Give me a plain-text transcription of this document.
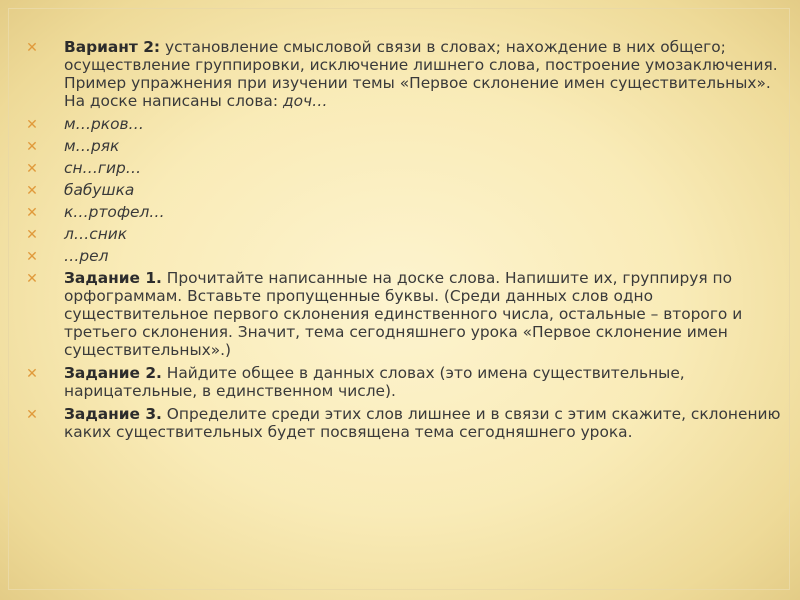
✕ Вариант 2: установление смысловой связи в словах; нахождение в них общего; осуществление группировки, исключение лишнего слова, построение умозаключения. Пример упражнения при изучении темы «Первое склонение имен существительных». На доске написаны слова: доч…
✕ м…рков…
✕ м…ряк
✕ сн…гир…
✕ бабушка
✕ к…ртофел…
✕ л…сник
✕ …рел
✕ Задание 1. Прочитайте написанные на доске слова. Напишите их, группируя по орфограммам. Вставьте пропущенные буквы. (Среди данных слов одно существительное первого склонения единственного числа, остальные – второго и третьего склонения. Значит, тема сегодняшнего урока «Первое склонение имен существительных».)
✕ Задание 2. Найдите общее в данных словах (это имена существительные, нарицательные, в единственном числе).
✕ Задание 3. Определите среди этих слов лишнее и в связи с этим скажите, склонению каких существительных будет посвящена тема сегодняшнего урока.
